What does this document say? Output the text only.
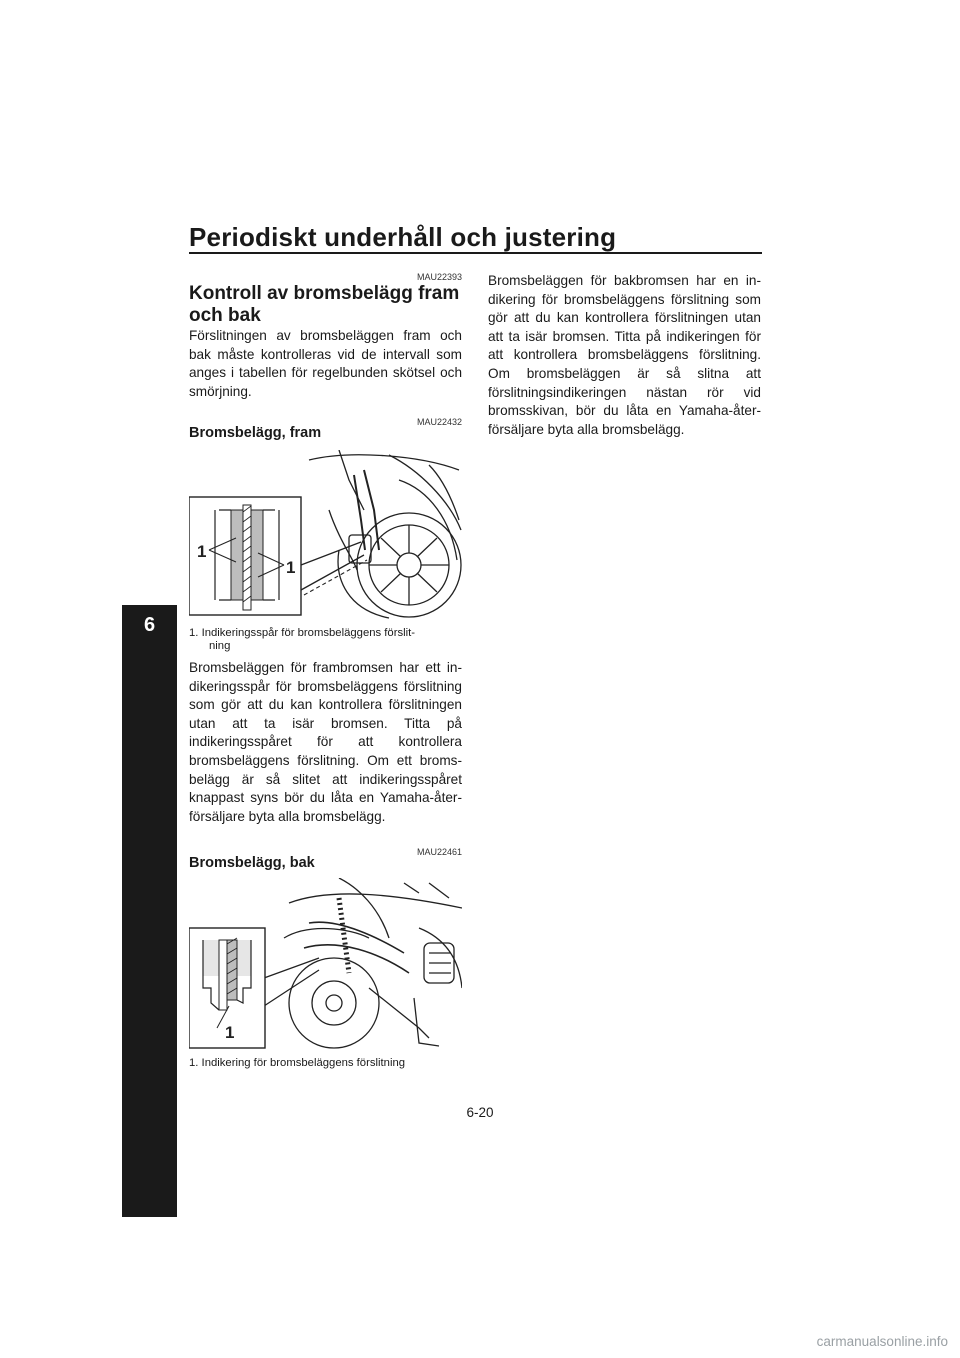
Periodiskt underhåll och justering
6
MAU22393
Kontroll av bromsbelägg fram och bak
Förslitningen av bromsbeläggen fram och bak måste kontrolleras vid de intervall som anges i tabellen för regelbunden skötsel och smörjning.
MAU22432
Bromsbelägg, fram
1
1
1. Indikeringsspår för bromsbeläggens förslit-
ning
Bromsbeläggen för frambromsen har ett indikeringsspår för bromsbeläggens förslitning som gör att du kan kontrollera förslitningen utan att ta isär bromsen. Titta på indikeringsspåret för att kontrollera bromsbeläggens förslitning. Om ett bromsbelägg är så slitet att indikeringsspåret knappast syns bör du låta en Yamaha-återförsäljare byta alla bromsbelägg.
MAU22461
Bromsbelägg, bak
1
1. Indikering för bromsbeläggens förslitning
Bromsbeläggen för bakbromsen har en indikering för bromsbeläggens förslitning som gör att du kan kontrollera förslitningen utan att ta isär bromsen. Titta på indikeringen för att kontrollera bromsbeläggens förslitning. Om bromsbeläggen är så slitna att förslitningsindikeringen nästan rör vid bromsskivan, bör du låta en Yamaha-återförsäljare byta alla bromsbelägg.
6-20
carmanualsonline.info
